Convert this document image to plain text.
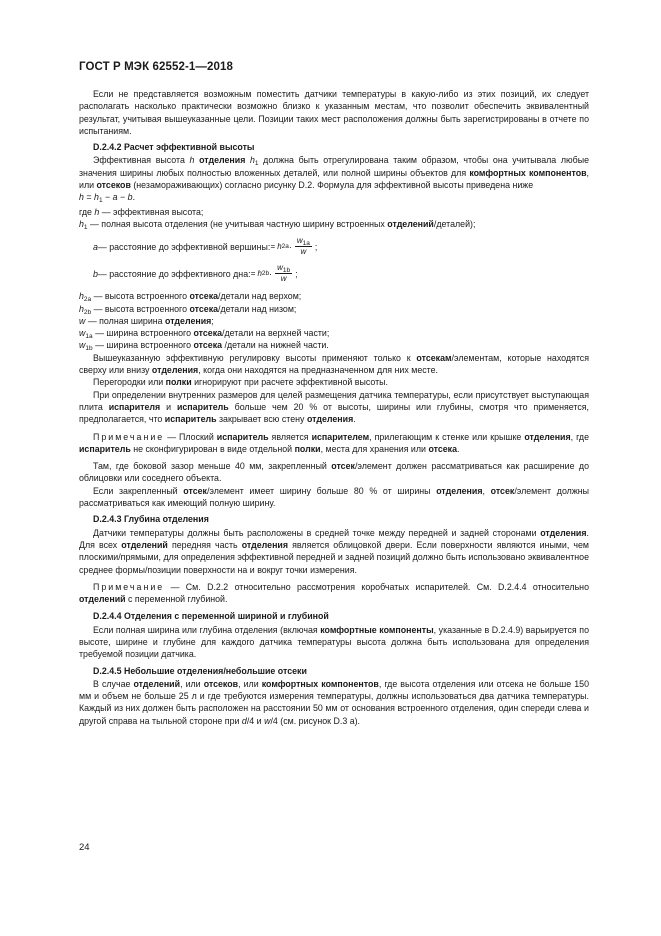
ГОСТ Р МЭК 62552-1—2018

Если не представляется возможным поместить датчики температуры в какую-либо из этих позиций, их следует располагать насколько практически возможно близко к указанным местам, что позволит обеспечить эквивалентный результат, учитывая вышеуказанные цели. Позиции таких мест расположения должны быть зарегистрированы в отчете по испытаниям.

D.2.4.2 Расчет эффективной высоты

Эффективная высота h отделения $h_1$ должна быть отрегулирована таким образом, чтобы она учитывала любые значения ширины любых полностью вложенных деталей, или полной ширины объектов для комфортных компонентов, или отсеков (незамораживающих) согласно рисунку D.2. Формула для эффективной высоты приведена ниже

$h = h_1 - a - b$.

где h — эффективная высота;

$h_1$ — полная высота отделения (не учитывая частную ширину встроенных отделений/деталей);

a — расстояние до эффективной вершины: = h $2a \cdot \frac{w_{1a}}{w}$ ;
b — расстояние до эффективного дна: = h $2b \cdot \frac{w_{1b}}{w}$ ;

$h_{2a}$ — высота встроенного отсека/детали над верхом;

$h_{2b}$ — высота встроенного отсека/детали над низом;

w — полная ширина отделения;

$w_{1a}$ — ширина встроенного отсека/детали на верхней части;

$w_{1b}$ — ширина встроенного отсека /детали на нижней части.

Вышеуказанную эффективную регулировку высоты применяют только к отсекам/элементам, которые находятся сверху или внизу отделения, когда они находятся на предназначенном для них месте.

Перегородки или полки игнорируют при расчете эффективной высоты.

При определении внутренних размеров для целей размещения датчика температуры, если присутствует выступающая плита испарителя и испаритель больше чем 20 % от высоты, ширины или глубины, смотря что применяется, предполагается, что испаритель закрывает всю стену отделения.

Примечание — Плоский испаритель является испарителем, прилегающим к стенке или крышке отделения, где испаритель не сконфигурирован в виде отдельной полки, места для хранения или отсека.

Там, где боковой зазор меньше 40 мм, закрепленный отсек/элемент должен рассматриваться как расширение до облицовки или соседнего объекта.

Если закрепленный отсек/элемент имеет ширину больше 80 % от ширины отделения, отсек/элемент должны рассматриваться как имеющий полную ширину.

D.2.4.3 Глубина отделения

Датчики температуры должны быть расположены в средней точке между передней и задней сторонами отделения. Для всех отделений передняя часть отделения является облицовкой двери. Если поверхности являются иными, чем плоскими/прямыми, для определения эффективной передней и задней позиций должно быть использовано эквивалентное среднее формы/позиции поверхности на и вокруг точки измерения.

Примечание — См. D.2.2 относительно рассмотрения коробчатых испарителей. См. D.2.4.4 относительно отделений с переменной глубиной.

D.2.4.4 Отделения с переменной шириной и глубиной

Если полная ширина или глубина отделения (включая комфортные компоненты, указанные в D.2.4.9) варьируется по высоте, ширине и глубине для каждого датчика температуры высота должна быть использована для определения требуемой позиции датчика.

D.2.4.5 Небольшие отделения/небольшие отсеки

В случае отделений, или отсеков, или комфортных компонентов, где высота отделения или отсека не больше 150 мм и объем не больше 25 л и где требуются измерения температуры, должны использоваться два датчика температуры. Каждый из них должен быть расположен на расстоянии 50 мм от основания встроенного отделения, один спереди слева и другой справа на тыльной стороне при d/4 и w/4 (см. рисунок D.3 а).

24
